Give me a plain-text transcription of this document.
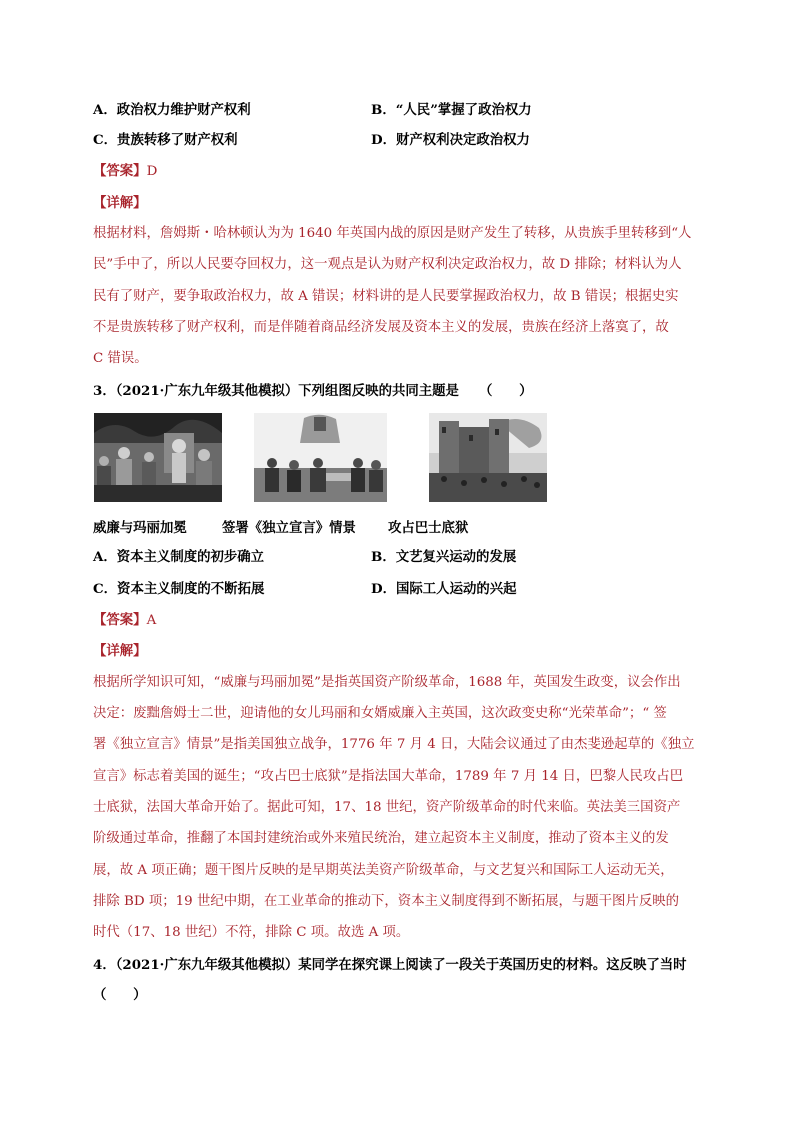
A．政治权力维护财产权利	B．“人民”掌握了政治权力
C．贵族转移了财产权利	D．财产权利决定政治权力
【答案】D
【详解】
根据材料，詹姆斯・哈林顿认为为 1640 年英国内战的原因是财产发生了转移，从贵族手里转移到“人
民”手中了，所以人民要夺回权力，这一观点是认为财产权利决定政治权力，故 D 排除；材料认为人
民有了财产，要争取政治权力，故 A 错误；材料讲的是人民要掌握政治权力，故 B 错误；根据史实
不是贵族转移了财产权利，而是伴随着商品经济发展及资本主义的发展，贵族在经济上落寞了，故
C 错误。
3．（2021·广东九年级其他模拟）下列组图反映的共同主题是　　（　　）
威廉与玛丽加冕	签署《独立宣言》情景 攻占巴士底狱
A．资本主义制度的初步确立	B．文艺复兴运动的发展
C．资本主义制度的不断拓展	D．国际工人运动的兴起
【答案】A
【详解】
根据所学知识可知，“威廉与玛丽加冕”是指英国资产阶级革命，1688 年，英国发生政变，议会作出
决定：废黜詹姆士二世，迎请他的女儿玛丽和女婿威廉入主英国，这次政变史称“光荣革命”；“ 签
署《独立宣言》情景”是指美国独立战争，1776 年 7 月 4 日，大陆会议通过了由杰斐逊起草的《独立
宣言》标志着美国的诞生；“攻占巴士底狱”是指法国大革命，1789 年 7 月 14 日，巴黎人民攻占巴
士底狱，法国大革命开始了。据此可知，17、18 世纪，资产阶级革命的时代来临。英法美三国资产
阶级通过革命，推翻了本国封建统治或外来殖民统治，建立起资本主义制度，推动了资本主义的发
展，故 A 项正确；题干图片反映的是早期英法美资产阶级革命，与文艺复兴和国际工人运动无关，
排除 BD 项；19 世纪中期，在工业革命的推动下，资本主义制度得到不断拓展，与题干图片反映的
时代（17、18 世纪）不符，排除 C 项。故选 A 项。
4．（2021·广东九年级其他模拟）某同学在探究课上阅读了一段关于英国历史的材料。这反映了当时
（　　）
